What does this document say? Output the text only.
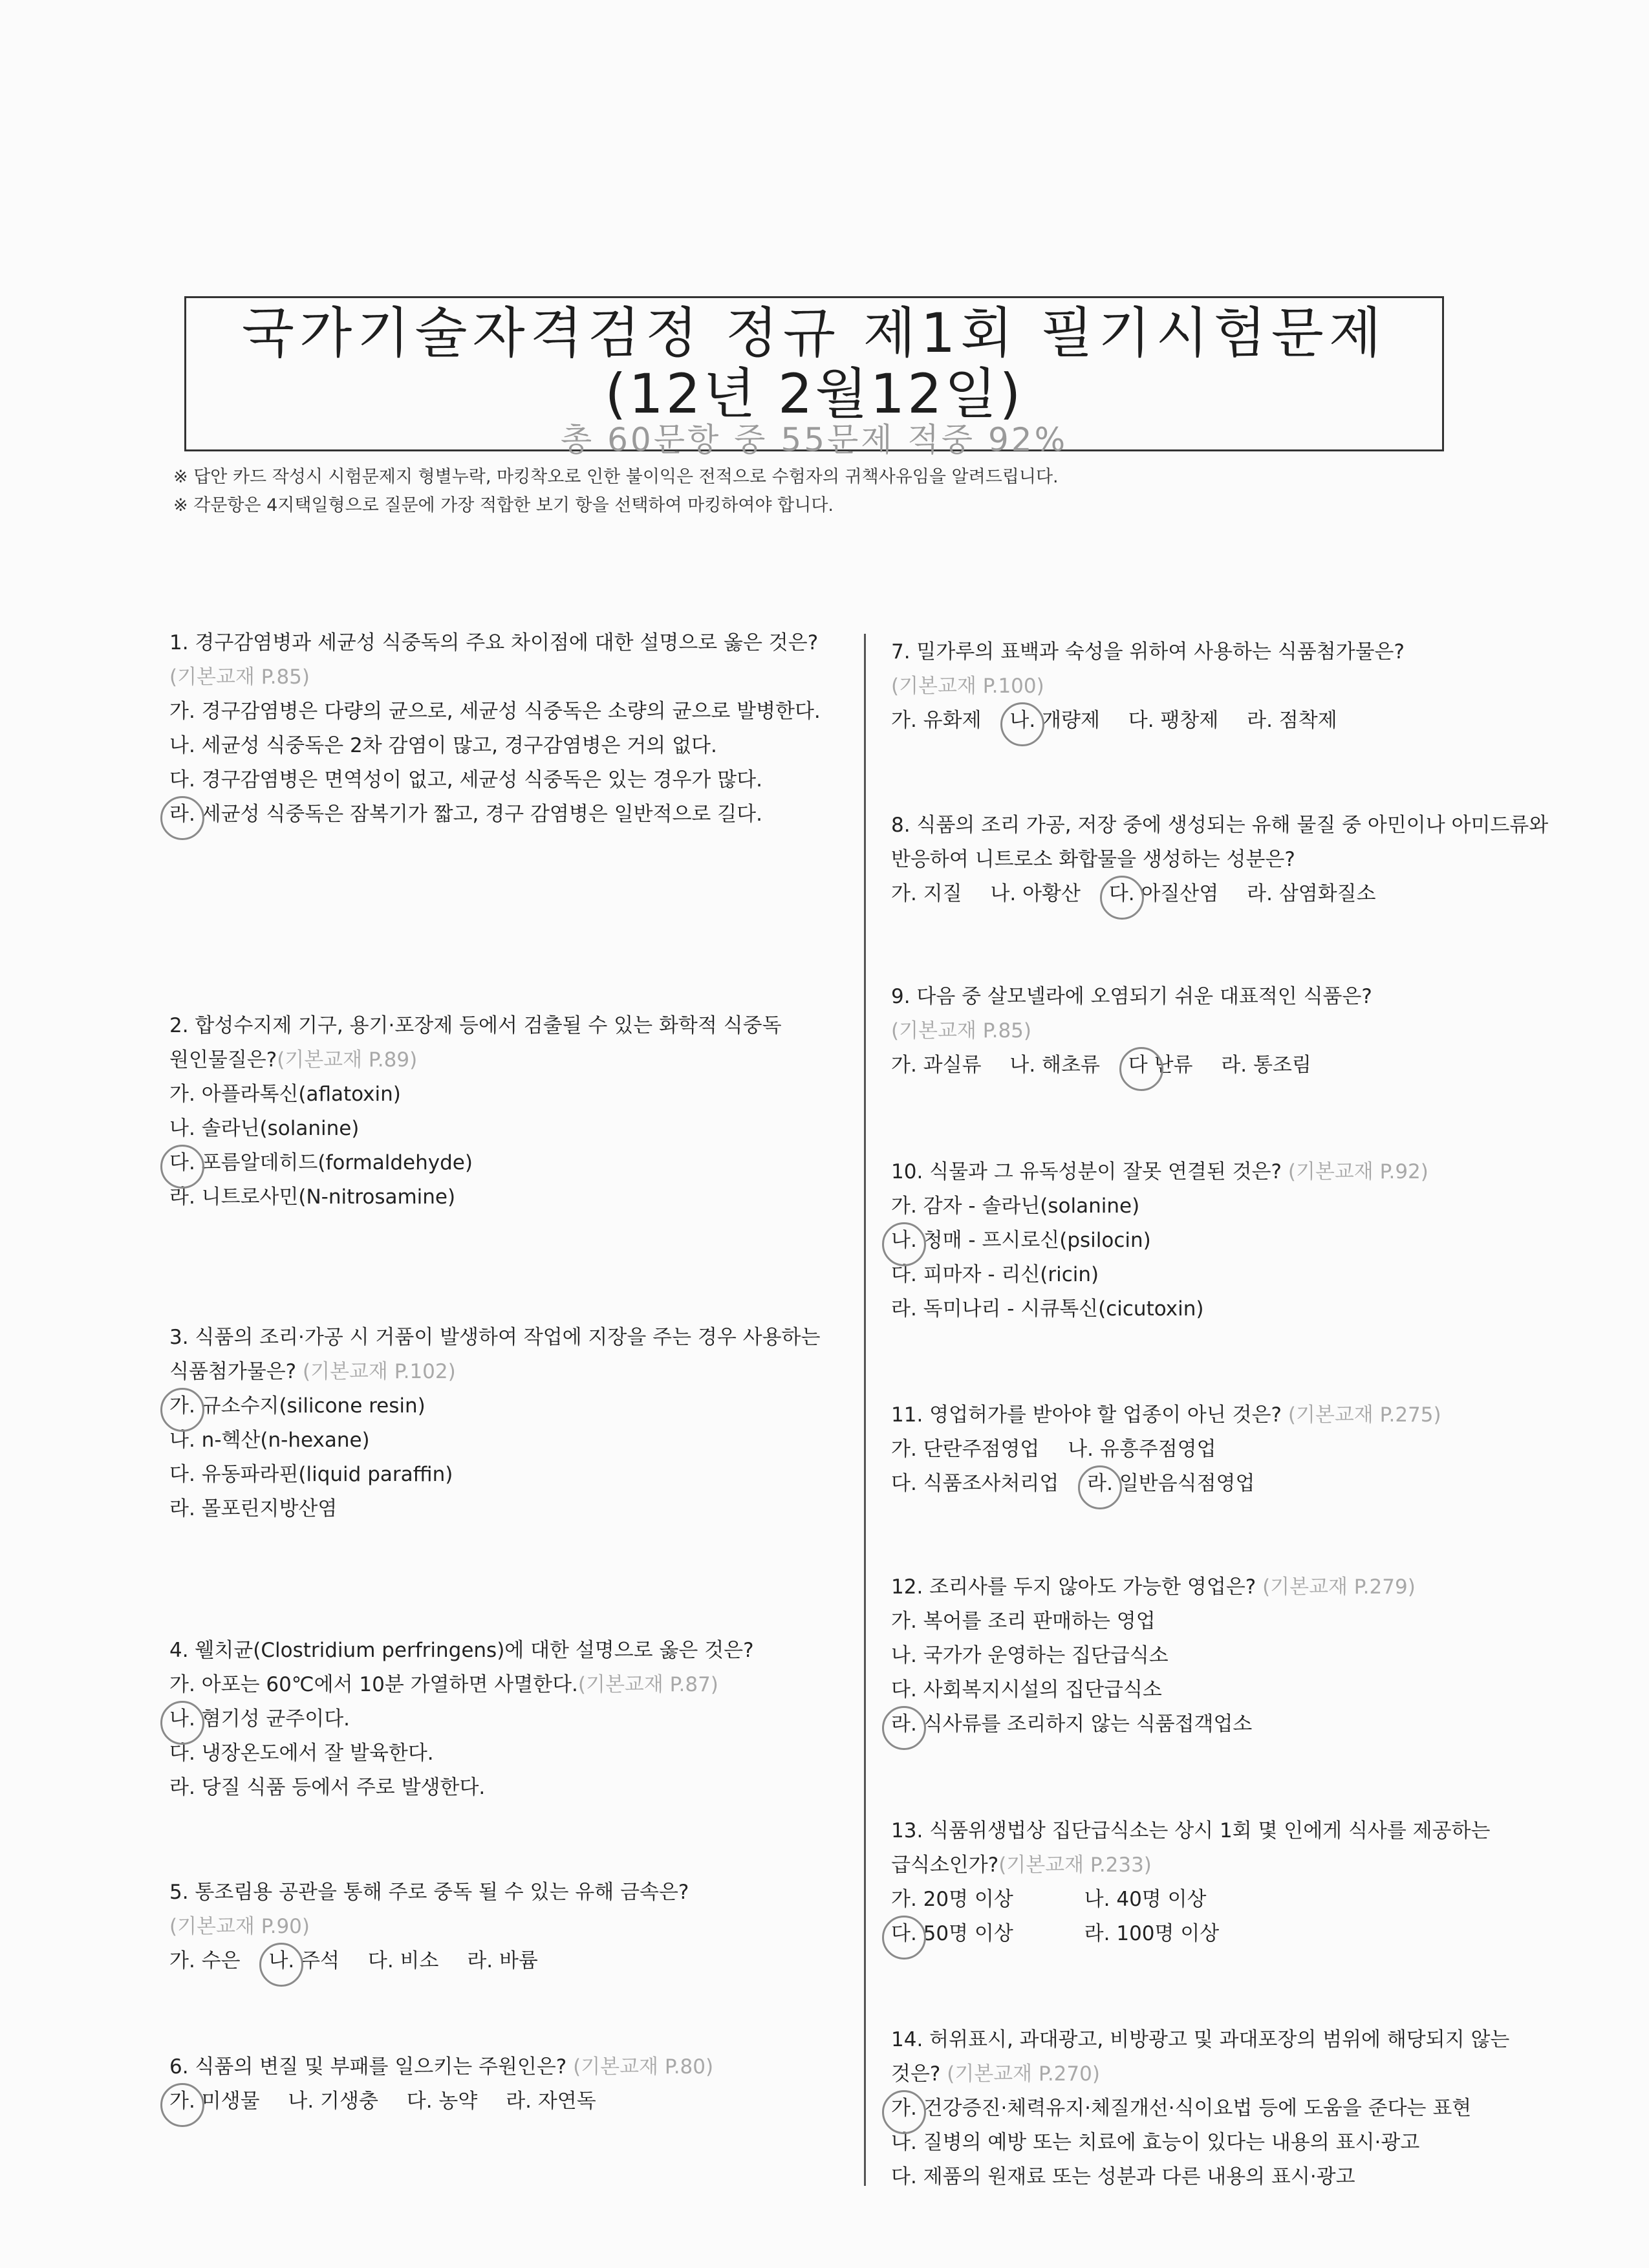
국가기술자격검정 정규 제1회 필기시험문제
(12년 2월12일)
총 60문항 중 55문제 적중 92%
※ 답안 카드 작성시 시험문제지 형별누락, 마킹착오로 인한 불이익은 전적으로 수험자의 귀책사유임을 알려드립니다.
※ 각문항은 4지택일형으로 질문에 가장 적합한 보기 항을 선택하여 마킹하여야 합니다.
1. 경구감염병과 세균성 식중독의 주요 차이점에 대한 설명으로 옳은 것은? (기본교재 P.85)
가. 경구감염병은 다량의 균으로, 세균성 식중독은 소량의 균으로 발병한다.
나. 세균성 식중독은 2차 감염이 많고, 경구감염병은 거의 없다.
다. 경구감염병은 면역성이 없고, 세균성 식중독은 있는 경우가 많다.
라. 세균성 식중독은 잠복기가 짧고, 경구 감염병은 일반적으로 길다.
2. 합성수지제 기구, 용기·포장제 등에서 검출될 수 있는 화학적 식중독 원인물질은?(기본교재 P.89)
가. 아플라톡신(aflatoxin)
나. 솔라닌(solanine)
다. 포름알데히드(formaldehyde)
라. 니트로사민(N-nitrosamine)
3. 식품의 조리·가공 시 거품이 발생하여 작업에 지장을 주는 경우 사용하는 식품첨가물은? (기본교재 P.102)
가. 규소수지(silicone resin)
나. n-헥산(n-hexane)
다. 유동파라핀(liquid paraffin)
라. 몰포린지방산염
4. 웰치균(Clostridium perfringens)에 대한 설명으로 옳은 것은?
가. 아포는 60℃에서 10분 가열하면 사멸한다.(기본교재 P.87)
나. 혐기성 균주이다.
다. 냉장온도에서 잘 발육한다.
라. 당질 식품 등에서 주로 발생한다.
5. 통조림용 공관을 통해 주로 중독 될 수 있는 유해 금속은?
(기본교재 P.90)
가. 수은 나. 주석 다. 비소 라. 바륨
6. 식품의 변질 및 부패를 일으키는 주원인은? (기본교재 P.80)
가. 미생물 나. 기생충 다. 농약 라. 자연독
7. 밀가루의 표백과 숙성을 위하여 사용하는 식품첨가물은?
(기본교재 P.100)
가. 유화제 나. 개량제 다. 팽창제 라. 점착제
8. 식품의 조리 가공, 저장 중에 생성되는 유해 물질 중 아민이나 아미드류와 반응하여 니트로소 화합물을 생성하는 성분은?
가. 지질 나. 아황산 다. 아질산염 라. 삼염화질소
9. 다음 중 살모넬라에 오염되기 쉬운 대표적인 식품은?
(기본교재 P.85)
가. 과실류 나. 해초류 다 난류 라. 통조림
10. 식물과 그 유독성분이 잘못 연결된 것은? (기본교재 P.92)
가. 감자 - 솔라닌(solanine)
나. 청매 - 프시로신(psilocin)
다. 피마자 - 리신(ricin)
라. 독미나리 - 시큐톡신(cicutoxin)
11. 영업허가를 받아야 할 업종이 아닌 것은? (기본교재 P.275)
가. 단란주점영업 나. 유흥주점영업
다. 식품조사처리업 라. 일반음식점영업
12. 조리사를 두지 않아도 가능한 영업은? (기본교재 P.279)
가. 복어를 조리 판매하는 영업
나. 국가가 운영하는 집단급식소
다. 사회복지시설의 집단급식소
라. 식사류를 조리하지 않는 식품접객업소
13. 식품위생법상 집단급식소는 상시 1회 몇 인에게 식사를 제공하는 급식소인가?(기본교재 P.233)
가. 20명 이상	나. 40명 이상
다. 50명 이상	라. 100명 이상
14. 허위표시, 과대광고, 비방광고 및 과대포장의 범위에 해당되지 않는 것은? (기본교재 P.270)
가. 건강증진·체력유지·체질개선·식이요법 등에 도움을 준다는 표현
나. 질병의 예방 또는 치료에 효능이 있다는 내용의 표시·광고
다. 제품의 원재료 또는 성분과 다른 내용의 표시·광고
